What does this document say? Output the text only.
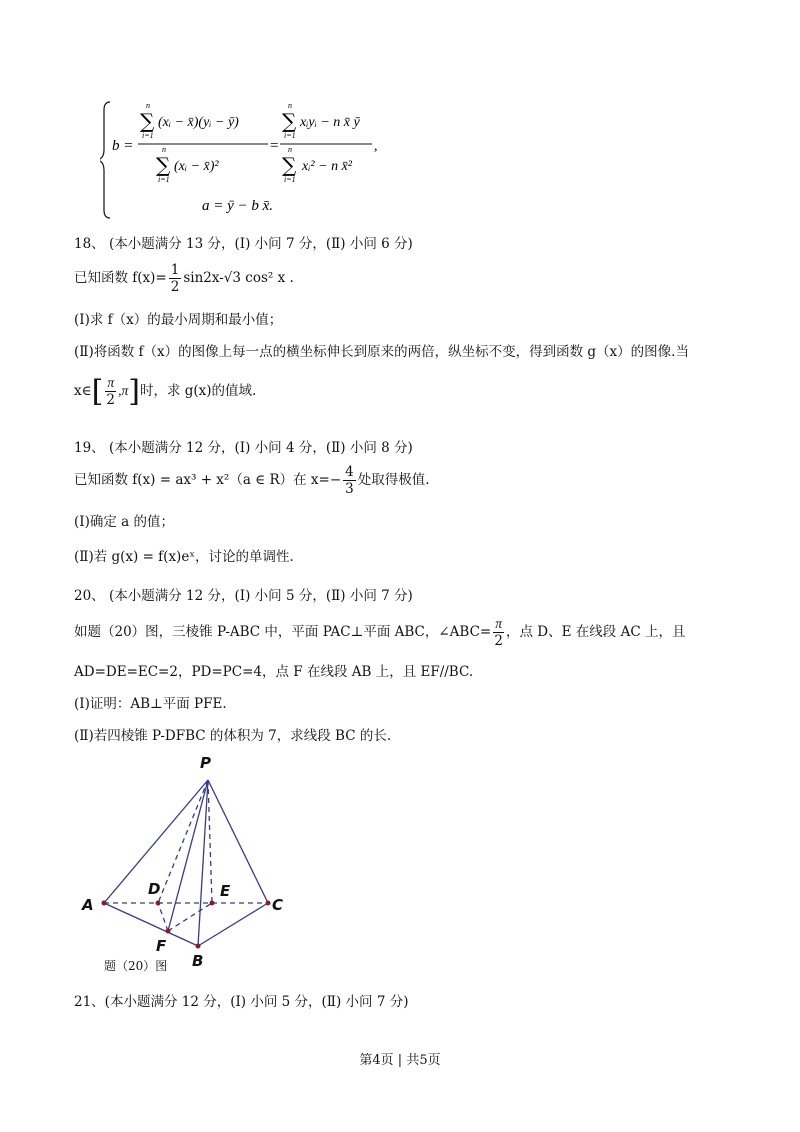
b =
n
∑
i=1
(xᵢ − x̄)(yᵢ − ȳ)
n
∑
i=1
(xᵢ − x̄)²
=
n
∑
i=1
xᵢyᵢ − n x̄ ȳ
n
∑
i=1
xᵢ² − n x̄²
,
a = ȳ − b x̄.
18、 (本小题满分 13 分，(Ⅰ) 小问 7 分，(Ⅱ) 小问 6 分)
已知函数 $f(x)= \frac{1}{2} \sin 2x-√3$ cos² x .
(Ⅰ)求 f（x）的最小周期和最小值；
(Ⅱ)将函数 f（x）的图像上每一点的横坐标伸长到原来的两倍，纵坐标不变，得到函数 g（x）的图像.当
x∈[ $\frac{\pi}{2} ,\pi$]时，求 g(x)的值域.
19、 (本小题满分 12 分，(Ⅰ) 小问 4 分，(Ⅱ) 小问 8 分)
已知函数 f(x) = ax³ + x²（a ∈ R）在 $x=- \frac{4}{3}$ 处取得极值.
(Ⅰ)确定 a 的值；
(Ⅱ)若 g(x) = f(x)eˣ，讨论的单调性.
20、 (本小题满分 12 分，(Ⅰ) 小问 5 分，(Ⅱ) 小问 7 分)
如题（20）图，三棱锥 P-ABC 中，平面 PAC⊥平面 ABC，∠ABC= $\frac{\pi}{2}$ ，点 D、E 在线段 AC 上，且
AD=DE=EC=2，PD=PC=4，点 F 在线段 AB 上，且 EF//BC.
(Ⅰ)证明：AB⊥平面 PFE.
(Ⅱ)若四棱锥 P-DFBC 的体积为 7，求线段 BC 的长.
P
A
D	E
C
F
B
题（20）图
21、(本小题满分 12 分，(Ⅰ) 小问 5 分，(Ⅱ) 小问 7 分)
第4页 | 共5页
